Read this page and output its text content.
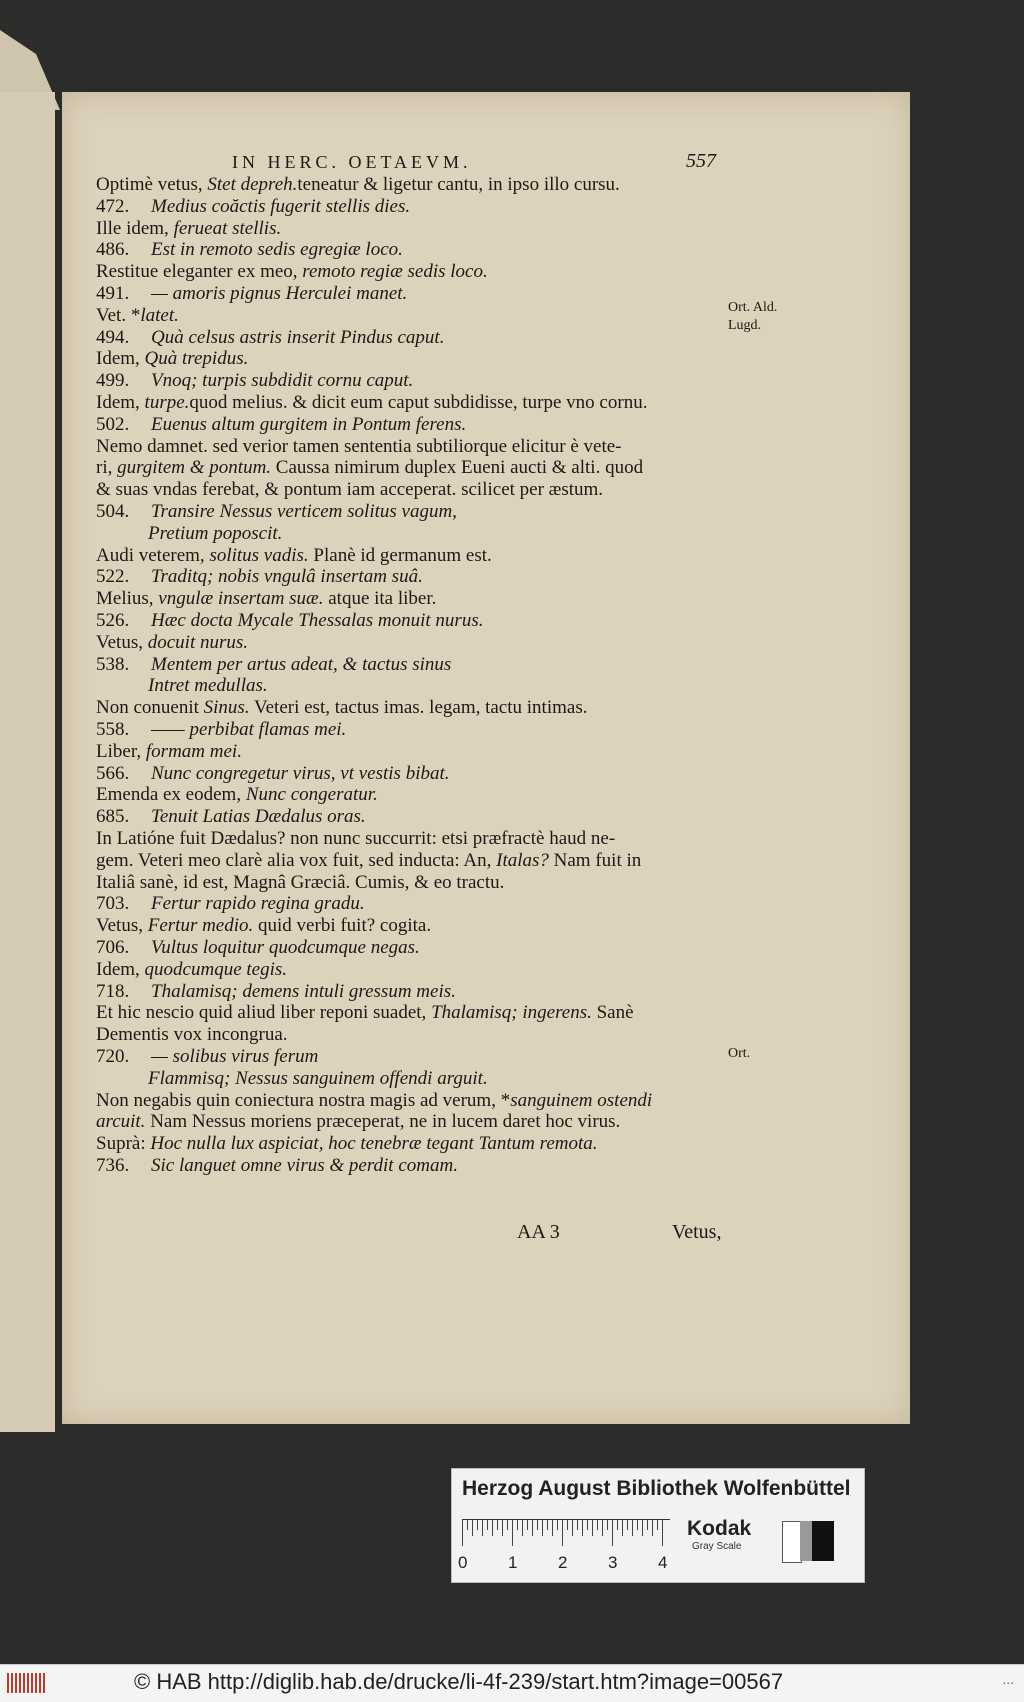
IN HERC. OETAEVM.	557
Optimè vetus, Stet depreh.teneatur & ligetur cantu, in ipso illo cursu.
472. Medius coăctis fugerit stellis dies.
Ille idem, ferueat stellis.
486. Est in remoto sedis egregiæ loco.
Restitue eleganter ex meo, remoto regiæ sedis loco.
491. — amoris pignus Herculei manet.
Vet. *latet.
494. Quà celsus astris inserit Pindus caput.
Idem, Quà trepidus.
499. Vnoq; turpis subdidit cornu caput.
Idem, turpe.quod melius. & dicit eum caput subdidisse, turpe vno cornu.
502. Euenus altum gurgitem in Pontum ferens.
Nemo damnet. sed verior tamen sententia subtiliorque elicitur è vete-
ri, gurgitem & pontum. Caussa nimirum duplex Eueni aucti & alti. quod
& suas vndas ferebat, & pontum iam acceperat. scilicet per æstum.
504. Transire Nessus verticem solitus vagum,
Pretium poposcit.
Audi veterem, solitus vadis. Planè id germanum est.
522. Traditq; nobis vngulâ insertam suâ.
Melius, vngulæ insertam suæ. atque ita liber.
526. Hæc docta Mycale Thessalas monuit nurus.
Vetus, docuit nurus.
538. Mentem per artus adeat, & tactus sinus
Intret medullas.
Non conuenit Sinus. Veteri est, tactus imas. legam, tactu intimas.
558. —— perbibat flamas mei.
Liber, formam mei.
566. Nunc congregetur virus, vt vestis bibat.
Emenda ex eodem, Nunc congeratur.
685. Tenuit Latias Dædalus oras.
In Latióne fuit Dædalus? non nunc succurrit: etsi præfractè haud ne-
gem. Veteri meo clarè alia vox fuit, sed inducta: An, Italas? Nam fuit in
Italiâ sanè, id est, Magnâ Græciâ. Cumis, & eo tractu.
703. Fertur rapido regina gradu.
Vetus, Fertur medio. quid verbi fuit? cogita.
706. Vultus loquitur quodcumque negas.
Idem, quodcumque tegis.
718. Thalamisq; demens intuli gressum meis.
Et hic nescio quid aliud liber reponi suadet, Thalamisq; ingerens. Sanè
Dementis vox incongrua.
720. — solibus virus ferum
Flammisq; Nessus sanguinem offendi arguit.
Non negabis quin coniectura nostra magis ad verum, *sanguinem ostendi
arcuit. Nam Nessus moriens præceperat, ne in lucem daret hoc virus.
Suprà: Hoc nulla lux aspiciat, hoc tenebræ tegant Tantum remota.
736. Sic languet omne virus & perdit comam.
Ort. Ald.
Lugd.
Ort.
AA 3	Vetus,
Herzog August Bibliothek Wolfenbüttel
0 1 2 3 4
Kodak
Gray Scale
© HAB http://diglib.hab.de/drucke/li-4f-239/start.htm?image=00567	...
